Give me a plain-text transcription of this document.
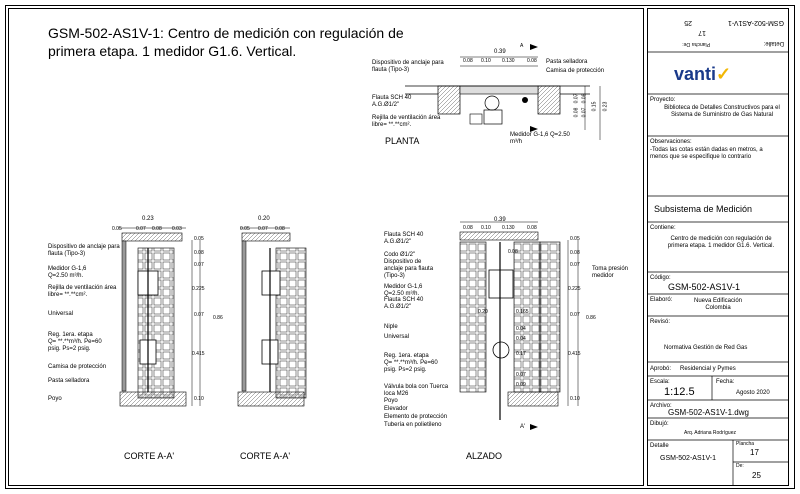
GSM-502-AS1V-1: Centro de medición con regulación de primera etapa. 1 medidor G1.6. Vertical.	Detalle:
GSM-502-AS1V-1
Plancha
17
De:
25
vanti✓
Proyecto:
Biblioteca de Detalles Constructivos para el Sistema de Suministro de Gas Natural
Observaciones:
-Todas las cotas están dadas en metros, a menos que se especifique lo contrario
Subsistema de Medición
Contiene:
Centro de medición con regulación de primera etapa. 1 medidor G1.6. Vertical.
Código:
GSM-502-AS1V-1
Elaboró:	Nueva Edificación Colombia
Revisó:
Normativa Gestión de Red Gas
Aprobó: Residencial y Pymes
Escala:
1:12.5
Fecha:
Agosto 2020
Archivo:
GSM-502-AS1V-1.dwg
Dibujó:
Arq. Adriana Rodríguez
Detalle
GSM-502-AS1V-1
Plancha
17
De:
25
PLANTA
CORTE A-A'	CORTE A-A'	ALZADO
0.39
0.08 0.10 0.130 0.08
A
Dispositivo de anclaje para flauta (Tipo-3)
Pasta selladora
Camisa de protección
Flauta SCH 40 A.G.Ø1/2"
Rejilla de ventilación área libre= **.**cm².
Medidor G-1,6 Q=2.50 m³/h
0.23
0.05	0.07 0.08 0.03
Dispositivo de anclaje para flauta (Tipo-3)
Medidor G-1,6 Q=2.50 m³/h.
Rejilla de ventilación área libre= **.**cm².
Universal
Reg. 1era. etapa Q= **.**m³/h. Pe=60 psig. Ps=2 psig.
Camisa de protección
Pasta selladora
Poyo
0.05
0.08
0.07
0.225
0.07
0.415
0.10
0.86
0.20
0.05 0.07 0.08
0.39
0.08 0.10 0.130 0.08
Flauta SCH 40 A.G.Ø1/2"
Codo Ø1/2"
Dispositivo de anclaje para flauta (Tipo-3)
Medidor G-1,6 Q=2.50 m³/h.
Flauta SCH 40 A.G.Ø1/2"
Toma presión medidor
Niple
Universal
Reg. 1era. etapa Q= **.**m³/h. Pe=60 psig. Ps=2 psig.
Válvula bola con Tuerca loca M26
Poyo
Elevador
Elemento de protección
Tubería en polietileno
0.08
0.20	0.165
0.04
0.04
0.17
0.07
0.09
0.05
0.08
0.07
0.225
0.07
0.415
0.10
0.86
A'
0.07
0.08
0.08
0.07
0.15 0.23
